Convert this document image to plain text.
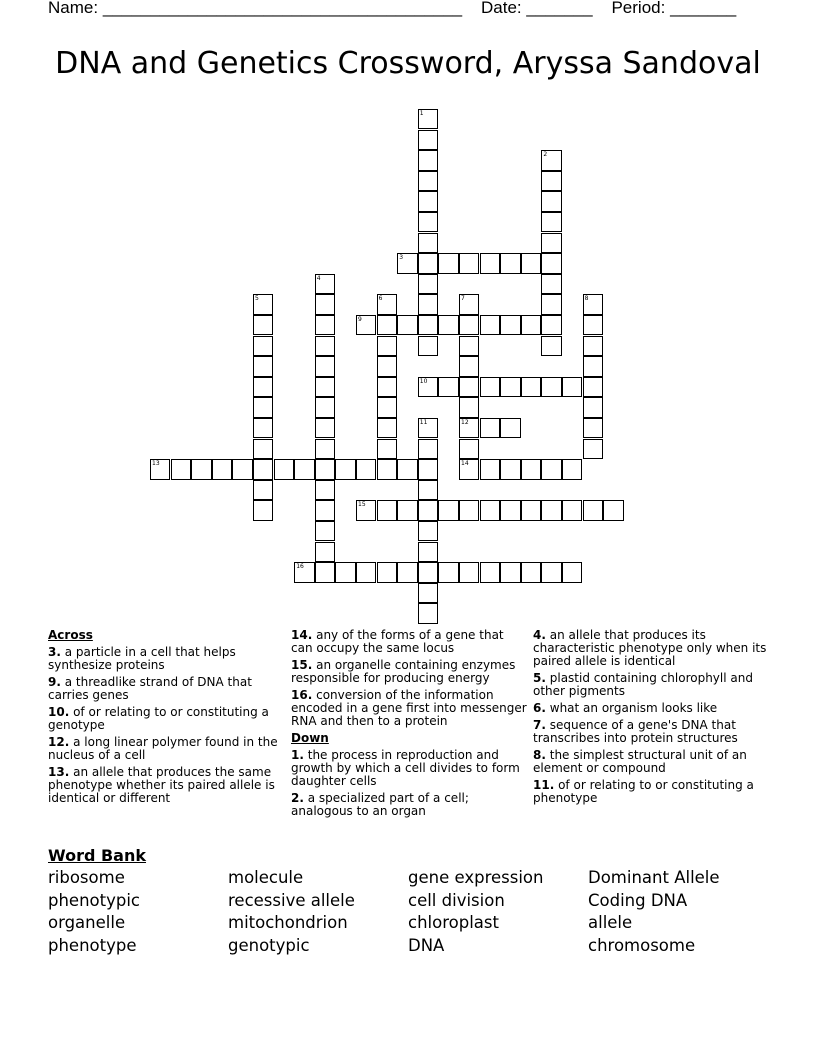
Name: ______________________________________ Date: _______ Period: _______
DNA and Genetics Crossword, Aryssa Sandoval
1
2
3
4
5	6	7
12
14
8
9
10
11
13
15
16
Across
3. a particle in a cell that helps synthesize proteins
9. a threadlike strand of DNA that carries genes
10. of or relating to or constituting a genotype
12. a long linear polymer found in the nucleus of a cell
13. an allele that produces the same phenotype whether its paired allele is identical or different
14. any of the forms of a gene that can occupy the same locus
15. an organelle containing enzymes responsible for producing energy
16. conversion of the information encoded in a gene first into messenger RNA and then to a protein
Down
1. the process in reproduction and growth by which a cell divides to form daughter cells
2. a specialized part of a cell; analogous to an organ
4. an allele that produces its characteristic phenotype only when its paired allele is identical
5. plastid containing chlorophyll and other pigments
6. what an organism looks like
7. sequence of a gene's DNA that transcribes into protein structures
8. the simplest structural unit of an element or compound
11. of or relating to or constituting a phenotype
Word Bank
ribosome
phenotypic
organelle
phenotype
molecule
recessive allele
mitochondrion
genotypic
gene expression
cell division
chloroplast
DNA
Dominant Allele
Coding DNA
allele
chromosome
